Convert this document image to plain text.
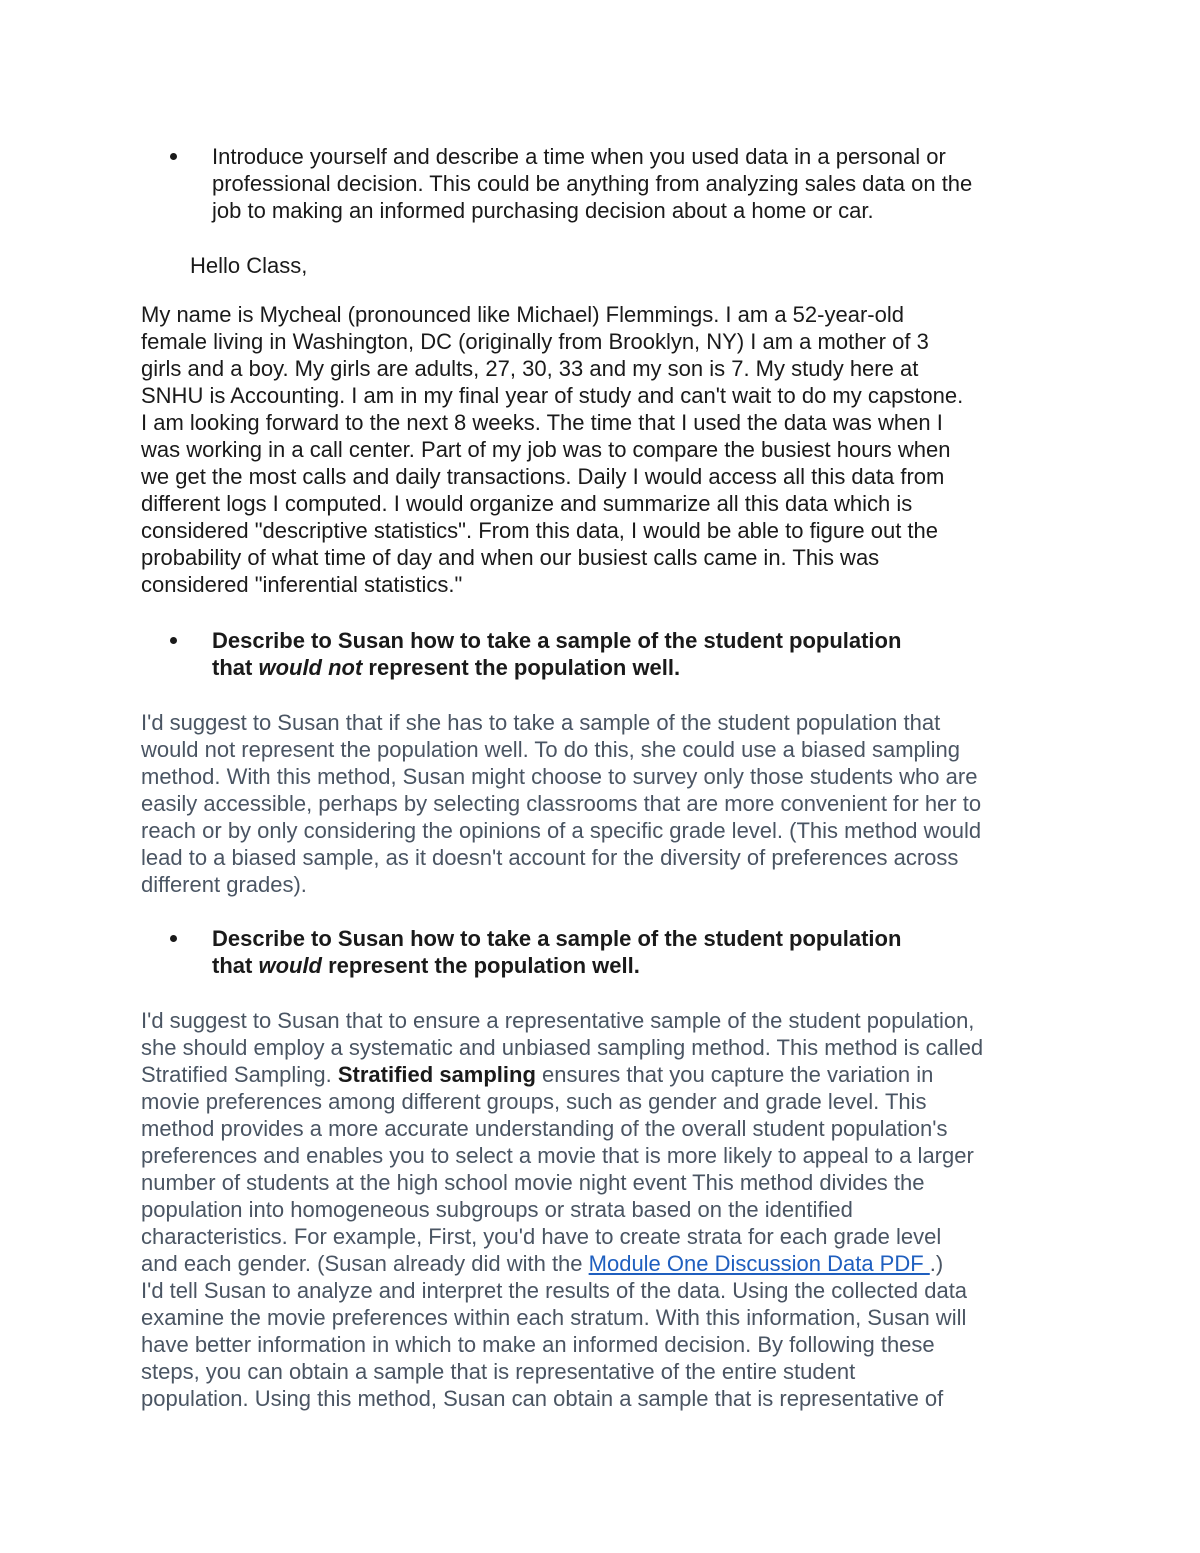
Introduce yourself and describe a time when you used data in a personal or
professional decision. This could be anything from analyzing sales data on the
job to making an informed purchasing decision about a home or car.
Hello Class,
My name is Mycheal (pronounced like Michael) Flemmings. I am a 52-year-old
female living in Washington, DC (originally from Brooklyn, NY) I am a mother of 3
girls and a boy. My girls are adults, 27, 30, 33 and my son is 7. My study here at
SNHU is Accounting. I am in my final year of study and can't wait to do my capstone.
I am looking forward to the next 8 weeks. The time that I used the data was when I
was working in a call center. Part of my job was to compare the busiest hours when
we get the most calls and daily transactions. Daily I would access all this data from
different logs I computed. I would organize and summarize all this data which is
considered "descriptive statistics". From this data, I would be able to figure out the
probability of what time of day and when our busiest calls came in. This was
considered "inferential statistics."
Describe to Susan how to take a sample of the student population
that would not represent the population well.
I'd suggest to Susan that if she has to take a sample of the student population that
would not represent the population well. To do this, she could use a biased sampling
method. With this method, Susan might choose to survey only those students who are
easily accessible, perhaps by selecting classrooms that are more convenient for her to
reach or by only considering the opinions of a specific grade level. (This method would
lead to a biased sample, as it doesn't account for the diversity of preferences across
different grades).
Describe to Susan how to take a sample of the student population
that would represent the population well.
I'd suggest to Susan that to ensure a representative sample of the student population,
she should employ a systematic and unbiased sampling method. This method is called
Stratified Sampling. Stratified sampling ensures that you capture the variation in
movie preferences among different groups, such as gender and grade level. This
method provides a more accurate understanding of the overall student population's
preferences and enables you to select a movie that is more likely to appeal to a larger
number of students at the high school movie night event This method divides the
population into homogeneous subgroups or strata based on the identified
characteristics. For example, First, you'd have to create strata for each grade level
and each gender. (Susan already did with the Module One Discussion Data PDF .)
I'd tell Susan to analyze and interpret the results of the data. Using the collected data
examine the movie preferences within each stratum. With this information, Susan will
have better information in which to make an informed decision. By following these
steps, you can obtain a sample that is representative of the entire student
population. Using this method, Susan can obtain a sample that is representative of
